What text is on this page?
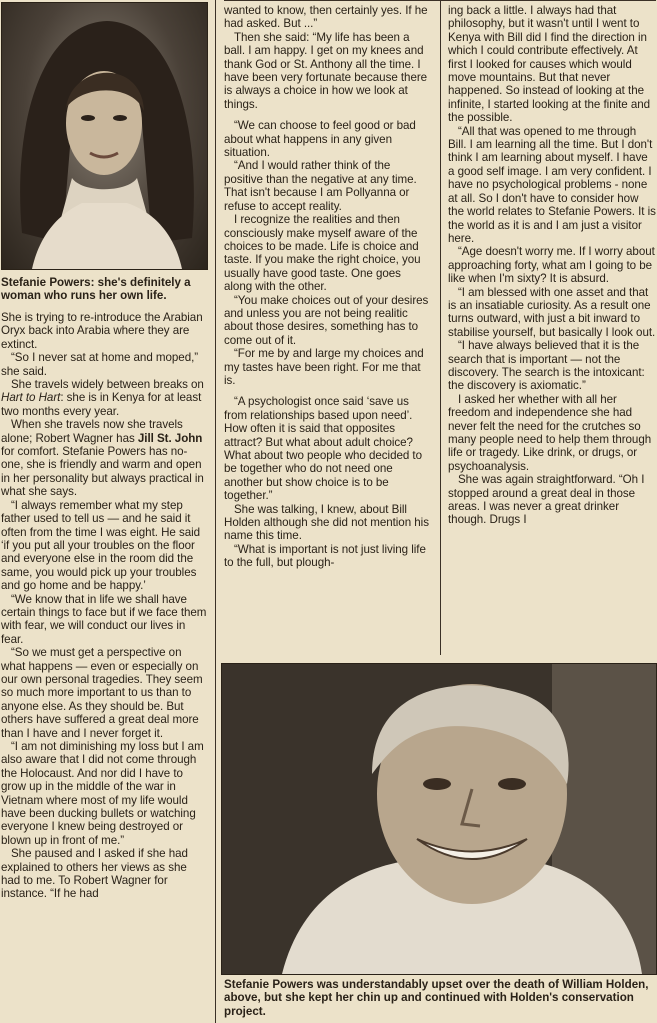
Stefanie Powers: she's definitely a woman who runs her own life.

She is trying to re-introduce the Arabian Oryx back into Arabia where they are extinct.

“So I never sat at home and moped,” she said.

She travels widely between breaks on Hart to Hart: she is in Kenya for at least two months every year.

When she travels now she travels alone; Robert Wagner has Jill St. John for comfort. Stefanie Powers has no-one, she is friendly and warm and open in her personality but always practical in what she says.

“I always remember what my step father used to tell us — and he said it often from the time I was eight. He said ‘if you put all your troubles on the floor and everyone else in the room did the same, you would pick up your troubles and go home and be happy.’

“We know that in life we shall have certain things to face but if we face them with fear, we will conduct our lives in fear.

“So we must get a perspective on what happens — even or especially on our own personal tragedies. They seem so much more important to us than to anyone else. As they should be. But others have suffered a great deal more than I have and I never forget it.

“I am not diminishing my loss but I am also aware that I did not come through the Holocaust. And nor did I have to grow up in the middle of the war in Vietnam where most of my life would have been ducking bullets or watching everyone I knew being destroyed or blown up in front of me.”

She paused and I asked if she had explained to others her views as she had to me. To Robert Wagner for instance. “If he had

wanted to know, then certainly yes. If he had asked. But ...”

Then she said: “My life has been a ball. I am happy. I get on my knees and thank God or St. Anthony all the time. I have been very fortunate because there is always a choice in how we look at things.

“We can choose to feel good or bad about what happens in any given situation.

“And I would rather think of the positive than the negative at any time. That isn't because I am Pollyanna or refuse to accept reality.

I recognize the realities and then consciously make myself aware of the choices to be made. Life is choice and taste. If you make the right choice, you usually have good taste. One goes along with the other.

“You make choices out of your desires and unless you are not being realitic about those desires, something has to come out of it.

“For me by and large my choices and my tastes have been right. For me that is.

“A psychologist once said ‘save us from relationships based upon need’. How often it is said that opposites attract? But what about adult choice? What about two people who decided to be together who do not need one another but show choice is to be together.”

She was talking, I knew, about Bill Holden although she did not mention his name this time.

“What is important is not just living life to the full, but plough-

ing back a little. I always had that philosophy, but it wasn't until I went to Kenya with Bill did I find the direction in which I could contribute effectively. At first I looked for causes which would move mountains. But that never happened. So instead of looking at the infinite, I started looking at the finite and the possible.

“All that was opened to me through Bill. I am learning all the time. But I don't think I am learning about myself. I have a good self image. I am very confident. I have no psychological problems - none at all. So I don't have to consider how the world relates to Stefanie Powers. It is the world as it is and I am just a visitor here.

“Age doesn't worry me. If I worry about approaching forty, what am I going to be like when I'm sixty? It is absurd.

“I am blessed with one asset and that is an insatiable curiosity. As a result one turns outward, with just a bit inward to stabilise yourself, but basically I look out.

“I have always believed that it is the search that is important — not the discovery. The search is the intoxicant: the discovery is axiomatic.”

I asked her whether with all her freedom and independence she had never felt the need for the crutches so many people need to help them through life or tragedy. Like drink, or drugs, or psychoanalysis.

She was again straightforward. “Oh I stopped around a great deal in those areas. I was never a great drinker though. Drugs I

Stefanie Powers was understandably upset over the death of William Holden, above, but she kept her chin up and continued with Holden's conservation project.
